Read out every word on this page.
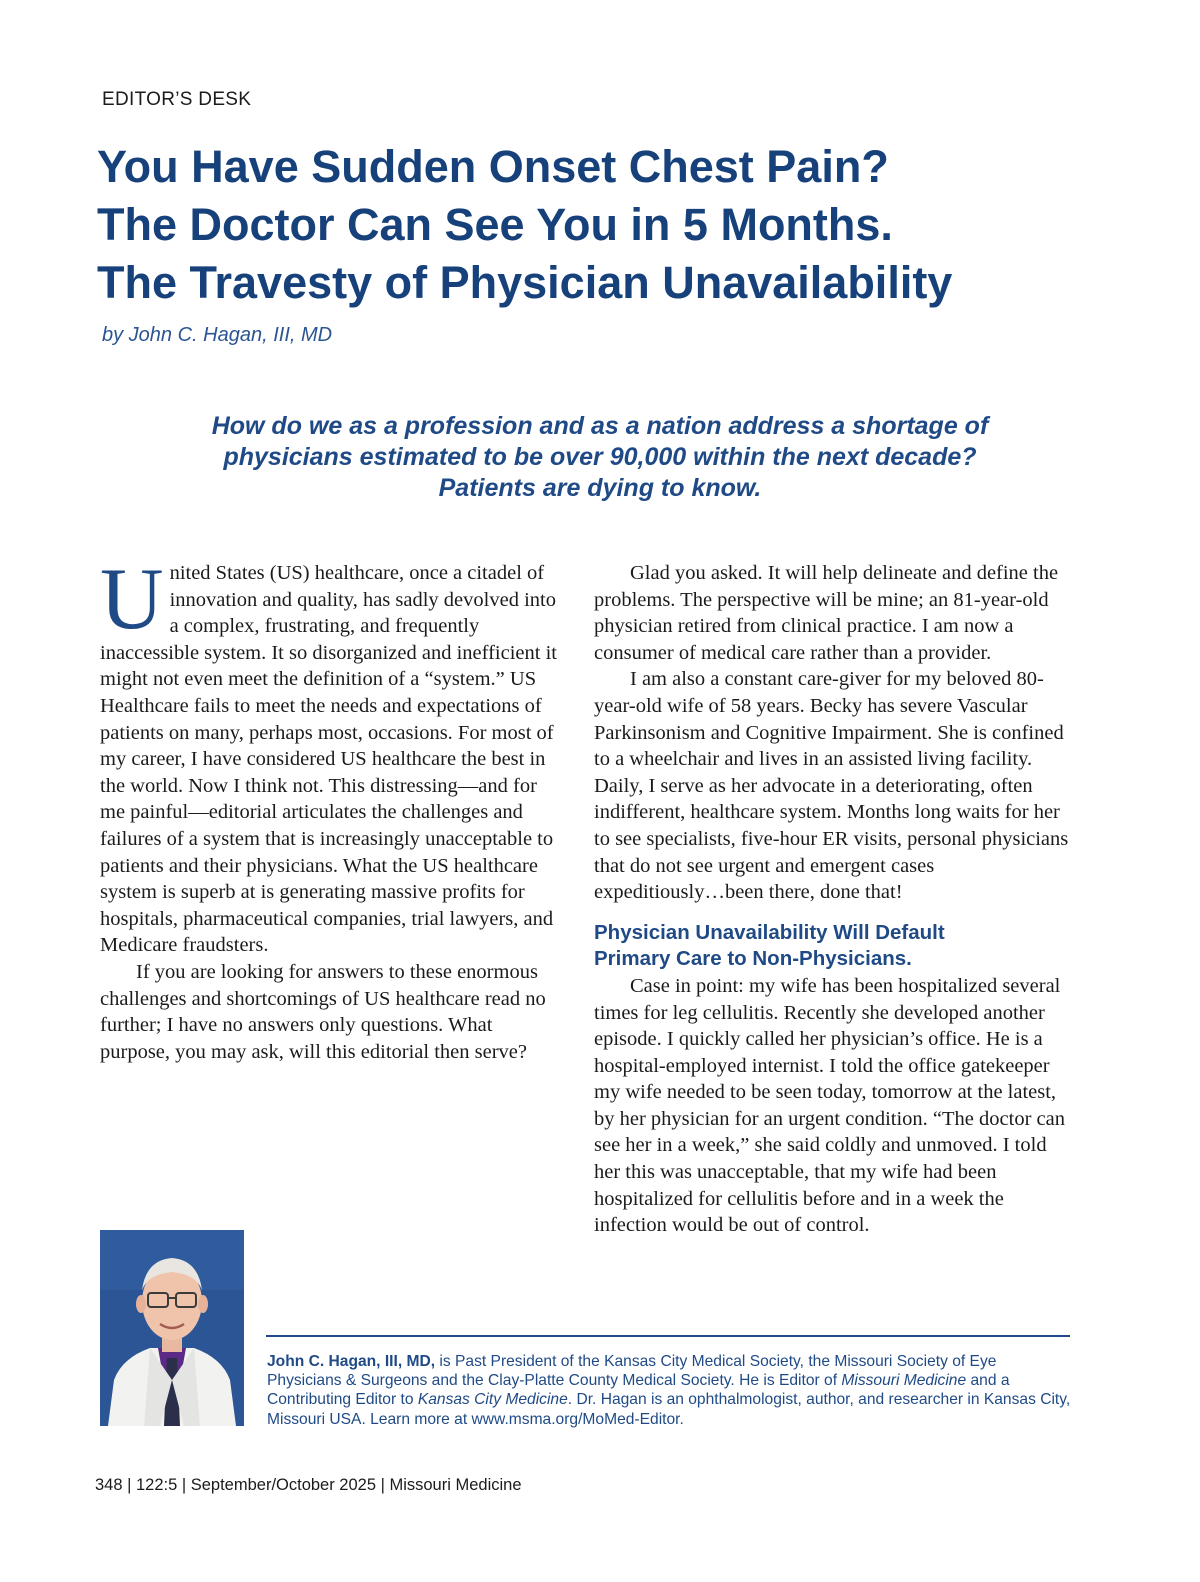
EDITOR’S DESK
You Have Sudden Onset Chest Pain?
The Doctor Can See You in 5 Months.
The Travesty of Physician Unavailability
by John C. Hagan, III, MD
How do we as a profession and as a nation address a shortage of
physicians estimated to be over 90,000 within the next decade?
Patients are dying to know.

United States (US) healthcare, once a citadel of innovation and quality, has sadly devolved into a complex, frustrating, and frequently inaccessible system. It so disorganized and inefficient it might not even meet the definition of a “system.” US Healthcare fails to meet the needs and expectations of patients on many, perhaps most, occasions. For most of my career, I have considered US healthcare the best in the world. Now I think not. This distressing—and for me painful—editorial articulates the challenges and failures of a system that is increasingly unacceptable to patients and their physicians. What the US healthcare system is superb at is generating massive profits for hospitals, pharmaceutical companies, trial lawyers, and Medicare fraudsters.

If you are looking for answers to these enormous challenges and shortcomings of US healthcare read no further; I have no answers only questions. What purpose, you may ask, will this editorial then serve?

Glad you asked. It will help delineate and define the problems. The perspective will be mine; an 81-year-old physician retired from clinical practice. I am now a consumer of medical care rather than a provider.

I am also a constant care-giver for my beloved 80-year-old wife of 58 years. Becky has severe Vascular Parkinsonism and Cognitive Impairment. She is confined to a wheelchair and lives in an assisted living facility. Daily, I serve as her advocate in a deteriorating, often indifferent, healthcare system. Months long waits for her to see specialists, five-hour ER visits, personal physicians that do not see urgent and emergent cases expeditiously…been there, done that!

Physician Unavailability Will Default
Primary Care to Non-Physicians.

Case in point: my wife has been hospitalized several times for leg cellulitis. Recently she developed another episode. I quickly called her physician’s office. He is a hospital-employed internist. I told the office gatekeeper my wife needed to be seen today, tomorrow at the latest, by her physician for an urgent condition. “The doctor can see her in a week,” she said coldly and unmoved. I told her this was unacceptable, that my wife had been hospitalized for cellulitis before and in a week the infection would be out of control.

John C. Hagan, III, MD, is Past President of the Kansas City Medical Society, the Missouri Society of Eye Physicians & Surgeons and the Clay-Platte County Medical Society. He is Editor of Missouri Medicine and a Contributing Editor to Kansas City Medicine. Dr. Hagan is an ophthalmologist, author, and researcher in Kansas City, Missouri USA. Learn more at www.msma.org/MoMed-Editor.
348 | 122:5 | September/October 2025 | Missouri Medicine
